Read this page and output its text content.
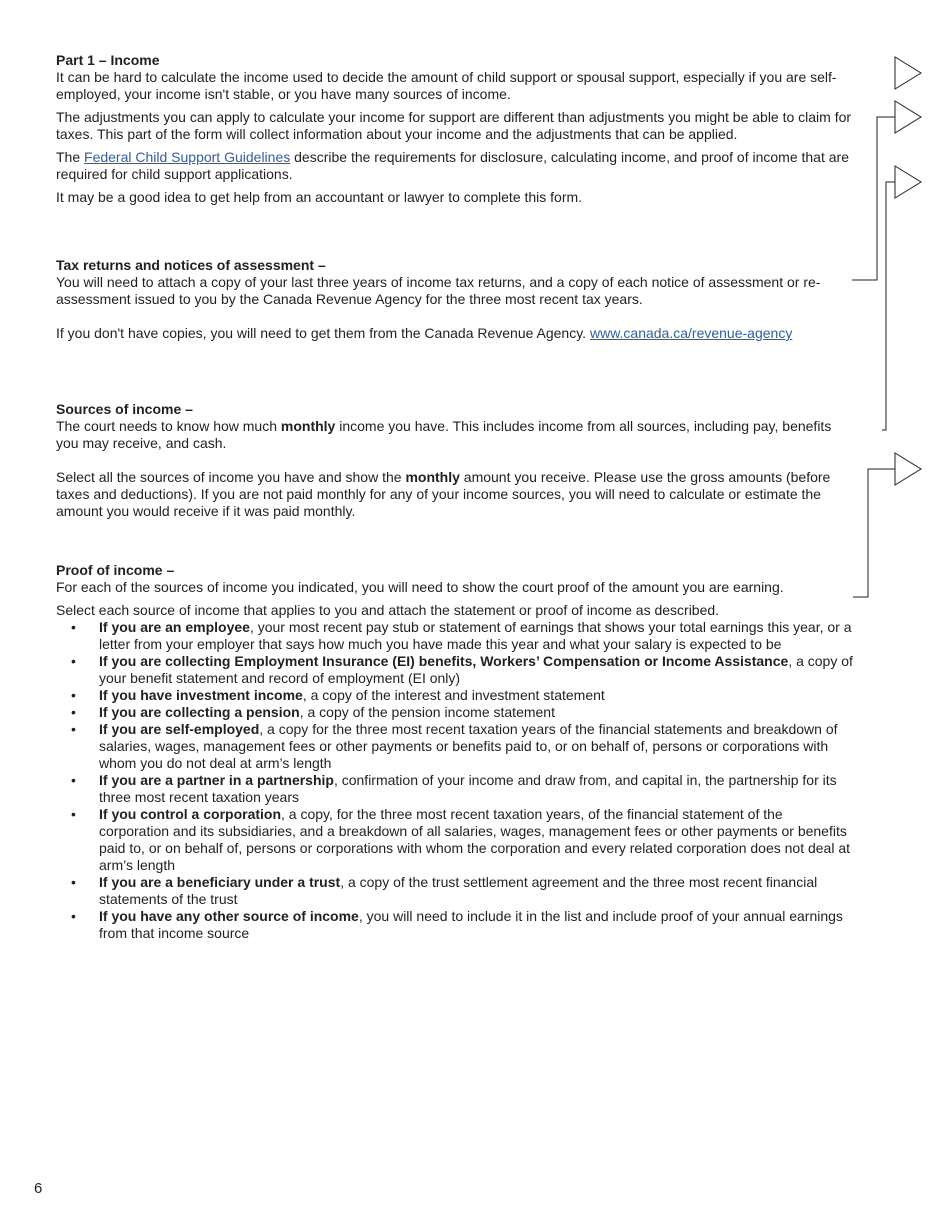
Part 1 – Income

It can be hard to calculate the income used to decide the amount of child support or spousal support, especially if you are self-employed, your income isn't stable, or you have many sources of income.

The adjustments you can apply to calculate your income for support are different than adjustments you might be able to claim for taxes. This part of the form will collect information about your income and the adjustments that can be applied.

The Federal Child Support Guidelines describe the requirements for disclosure, calculating income, and proof of income that are required for child support applications.

It may be a good idea to get help from an accountant or lawyer to complete this form.

Tax returns and notices of assessment –

You will need to attach a copy of your last three years of income tax returns, and a copy of each notice of assessment or re-assessment issued to you by the Canada Revenue Agency for the three most recent tax years.

If you don't have copies, you will need to get them from the Canada Revenue Agency. www.canada.ca/revenue-agency

Sources of income –

The court needs to know how much monthly income you have. This includes income from all sources, including pay, benefits you may receive, and cash.

Select all the sources of income you have and show the monthly amount you receive. Please use the gross amounts (before taxes and deductions). If you are not paid monthly for any of your income sources, you will need to calculate or estimate the amount you would receive if it was paid monthly.

Proof of income –

For each of the sources of income you indicated, you will need to show the court proof of the amount you are earning.

Select each source of income that applies to you and attach the statement or proof of income as described.

• If you are an employee, your most recent pay stub or statement of earnings that shows your total earnings this year, or a letter from your employer that says how much you have made this year and what your salary is expected to be
• If you are collecting Employment Insurance (EI) benefits, Workers’ Compensation or Income Assistance, a copy of your benefit statement and record of employment (EI only)
• If you have investment income, a copy of the interest and investment statement
• If you are collecting a pension, a copy of the pension income statement
• If you are self-employed, a copy for the three most recent taxation years of the financial statements and breakdown of salaries, wages, management fees or other payments or benefits paid to, or on behalf of, persons or corporations with whom you do not deal at arm’s length
• If you are a partner in a partnership, confirmation of your income and draw from, and capital in, the partnership for its three most recent taxation years
• If you control a corporation, a copy, for the three most recent taxation years, of the financial statement of the corporation and its subsidiaries, and a breakdown of all salaries, wages, management fees or other payments or benefits paid to, or on behalf of, persons or corporations with whom the corporation and every related corporation does not deal at arm’s length
• If you are a beneficiary under a trust, a copy of the trust settlement agreement and the three most recent financial statements of the trust
• If you have any other source of income, you will need to include it in the list and include proof of your annual earnings from that income source
6
